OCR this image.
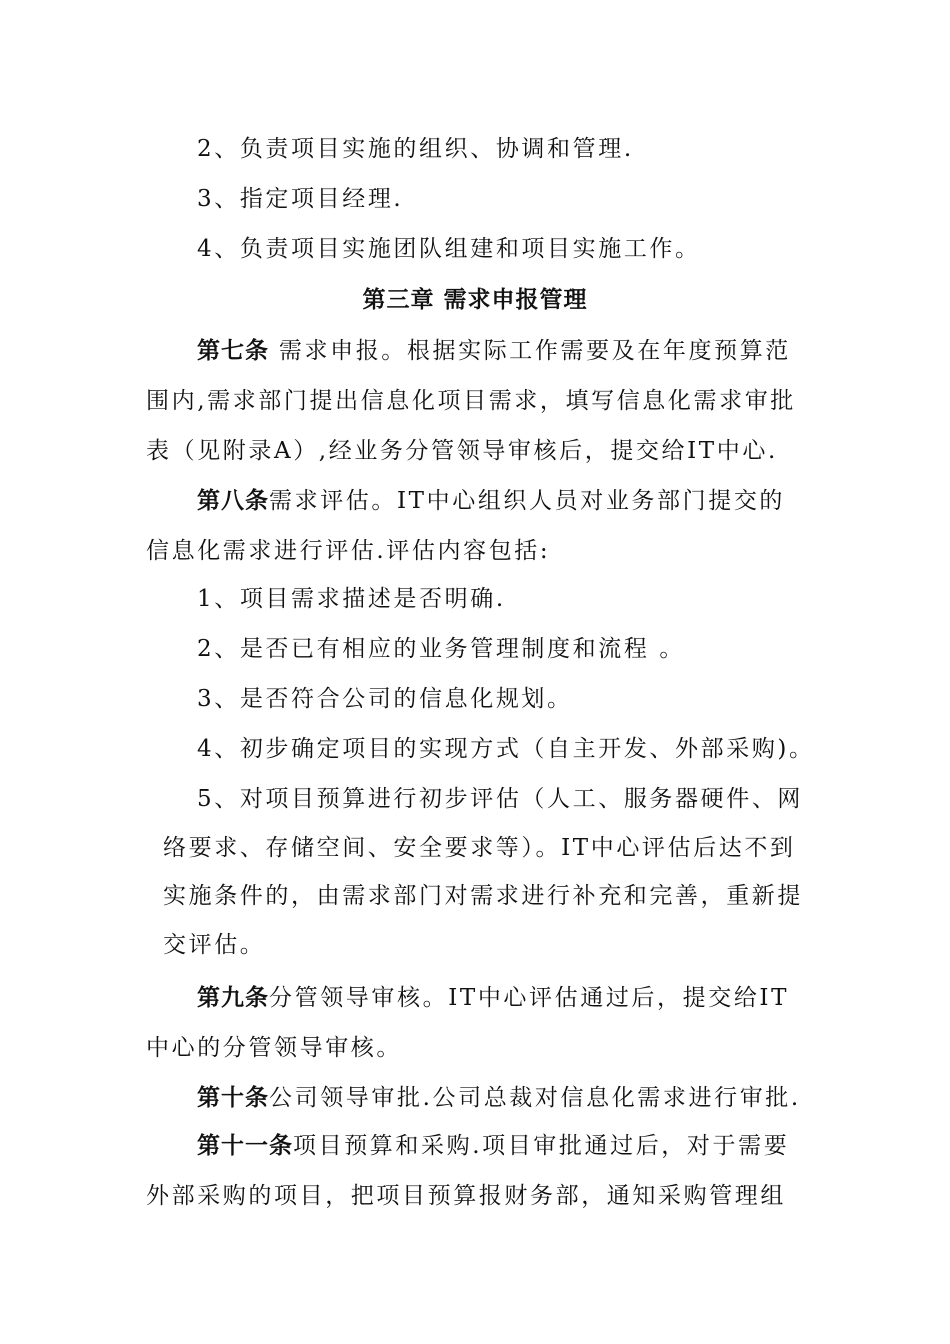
2、负责项目实施的组织、协调和管理.
3、指定项目经理.
4、负责项目实施团队组建和项目实施工作。
第三章 需求申报管理
第七条 需求申报。根据实际工作需要及在年度预算范
围内,需求部门提出信息化项目需求，填写信息化需求审批
表（见附录A）,经业务分管领导审核后，提交给IT中心.
第八条需求评估。IT中心组织人员对业务部门提交的
信息化需求进行评估.评估内容包括:
1、项目需求描述是否明确.
2、是否已有相应的业务管理制度和流程 。
3、是否符合公司的信息化规划。
4、初步确定项目的实现方式（自主开发、外部采购)。
5、对项目预算进行初步评估（人工、服务器硬件、网
络要求、存储空间、安全要求等）。IT中心评估后达不到
实施条件的，由需求部门对需求进行补充和完善，重新提
交评估。
第九条分管领导审核。IT中心评估通过后，提交给IT
中心的分管领导审核。
第十条公司领导审批.公司总裁对信息化需求进行审批.
第十一条项目预算和采购.项目审批通过后，对于需要
外部采购的项目，把项目预算报财务部，通知采购管理组
